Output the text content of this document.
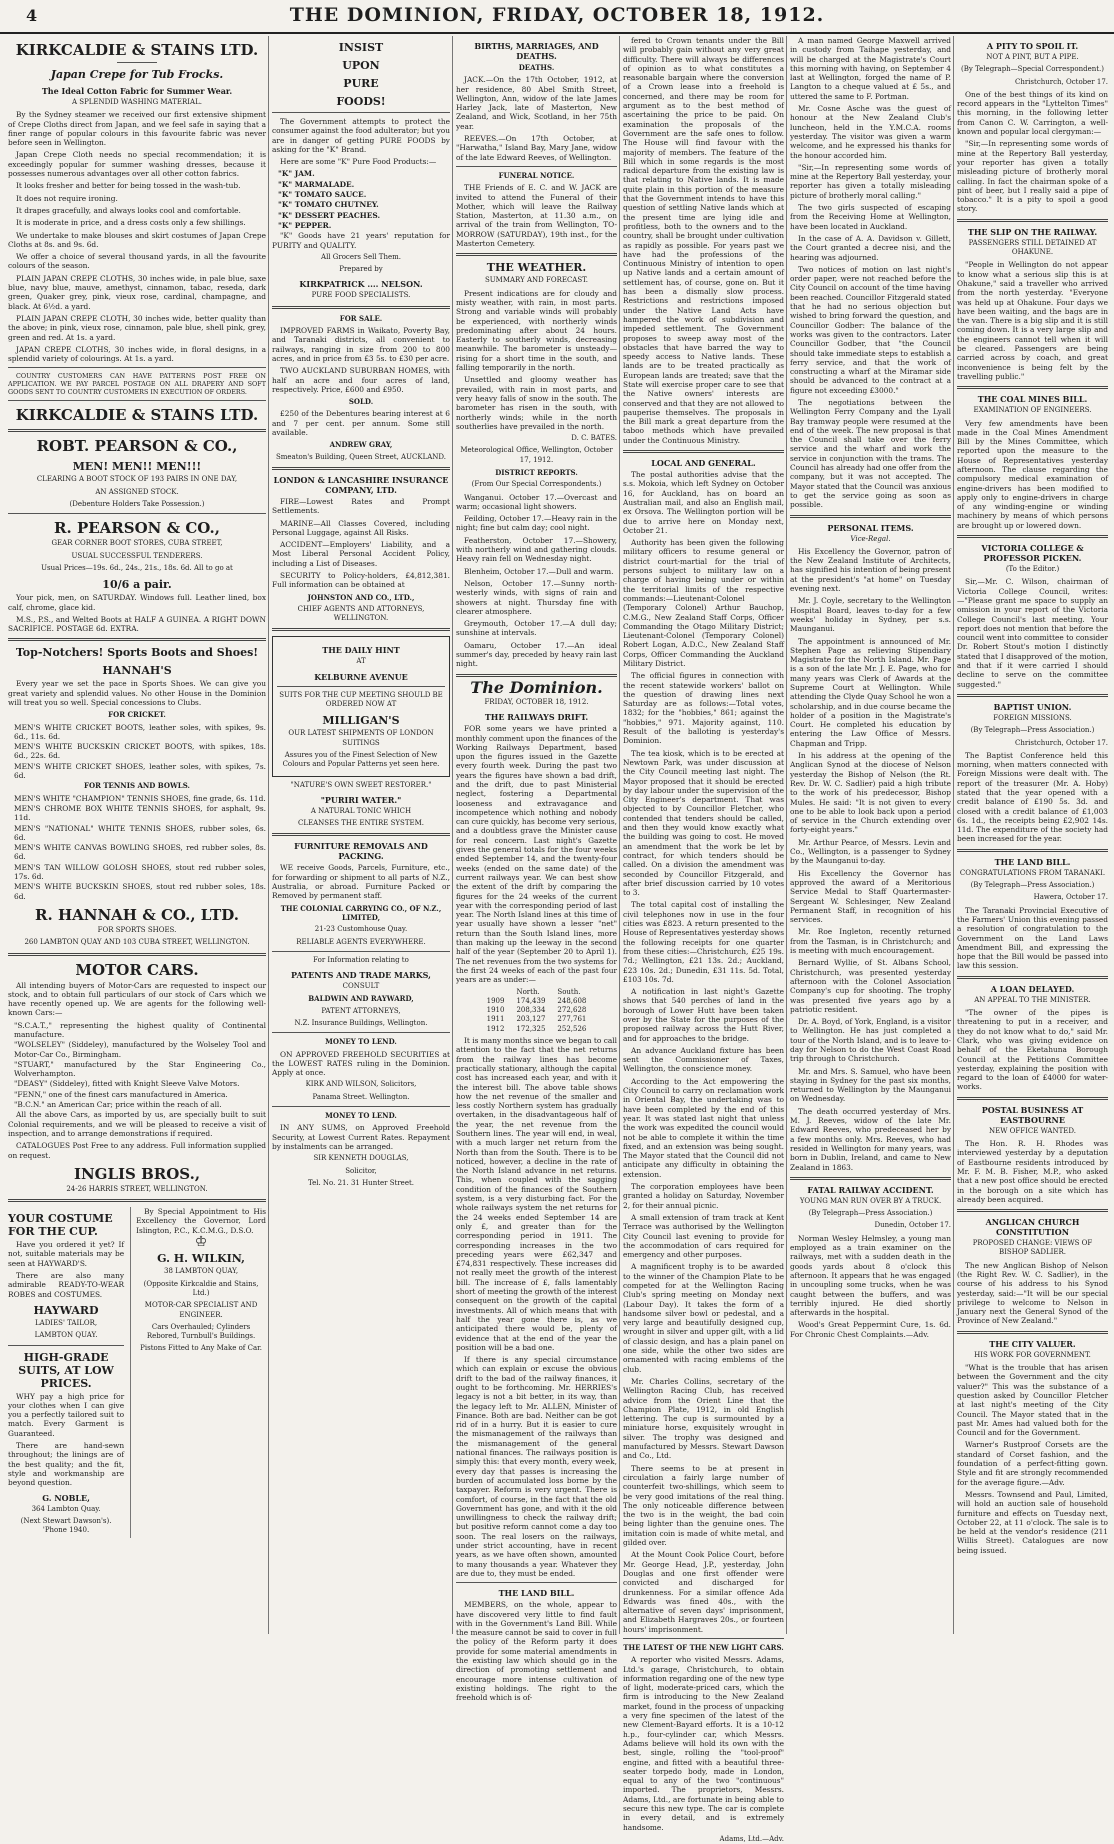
4	THE DOMINION, FRIDAY, OCTOBER 18, 1912.
KIRKCALDIE & STAINS LTD.
Japan Crepe for Tub Frocks.
The Ideal Cotton Fabric for Summer Wear.
A SPLENDID WASHING MATERIAL.

By the Sydney steamer we received our first extensive shipment of Crepe Cloths direct from Japan, and we feel safe in saying that a finer range of popular colours in this favourite fabric was never before seen in Wellington.

Japan Crepe Cloth needs no special recommendation; it is exceedingly popular for summer washing dresses, because it possesses numerous advantages over all other cotton fabrics.

It looks fresher and better for being tossed in the wash-tub.

It does not require ironing.

It drapes gracefully, and always looks cool and comfortable.

It is moderate in price, and a dress costs only a few shillings.

We undertake to make blouses and skirt costumes of Japan Crepe Cloths at 8s. and 9s. 6d.

We offer a choice of several thousand yards, in all the favourite colours of the season.

PLAIN JAPAN CREPE CLOTHS, 30 inches wide, in pale blue, saxe blue, navy blue, mauve, amethyst, cinnamon, tabac, reseda, dark green, Quaker grey, pink, vieux rose, cardinal, champagne, and black. At 6½d. a yard.

PLAIN JAPAN CREPE CLOTH, 30 inches wide, better quality than the above; in pink, vieux rose, cinnamon, pale blue, shell pink, grey, green and red. At 1s. a yard.

JAPAN CREPE CLOTHS, 30 inches wide, in floral designs, in a splendid variety of colourings. At 1s. a yard.

COUNTRY CUSTOMERS CAN HAVE PATTERNS POST FREE ON APPLICATION. WE PAY PARCEL POSTAGE ON ALL DRAPERY AND SOFT GOODS SENT TO COUNTRY CUSTOMERS IN EXECUTION OF ORDERS.

KIRKCALDIE & STAINS LTD.
ROBT. PEARSON & CO.,
MEN! MEN!! MEN!!!
CLEARING A BOOT STOCK OF 193 PAIRS IN ONE DAY,
AN ASSIGNED STOCK.
(Debenture Holders Take Possession.)
R. PEARSON & CO.,
GEAR CORNER BOOT STORES, CUBA STREET,
USUAL SUCCESSFUL TENDERERS.
Usual Prices—19s. 6d., 24s., 21s., 18s. 6d. All to go at
10/6 a pair.

Your pick, men, on SATURDAY. Windows full. Leather lined, box calf, chrome, glace kid.

M.S., P.S., and Welted Boots at HALF A GUINEA. A RIGHT DOWN SACRIFICE. POSTAGE 6d. EXTRA.

Top-Notchers! Sports Boots and Shoes!
HANNAH'S

Every year we set the pace in Sports Shoes. We can give you great variety and splendid values. No other House in the Dominion will treat you so well. Special concessions to Clubs.

FOR CRICKET.
MEN'S WHITE CRICKET BOOTS, leather soles, with spikes, 9s. 6d., 11s. 6d.
MEN'S WHITE BUCKSKIN CRICKET BOOTS, with spikes, 18s. 6d., 22s. 6d.
MEN'S WHITE CRICKET SHOES, leather soles, with spikes, 7s. 6d.
FOR TENNIS AND BOWLS.
MEN'S WHITE "CHAMPION" TENNIS SHOES, fine grade, 6s. 11d.
MEN'S CHROME BOX WHITE TENNIS SHOES, for asphalt, 9s. 11d.
MEN'S "NATIONAL" WHITE TENNIS SHOES, rubber soles, 6s. 6d.
MEN'S WHITE CANVAS BOWLING SHOES, red rubber soles, 8s. 6d.
MEN'S TAN WILLOW GOLOSH SHOES, stout red rubber soles, 17s. 6d.
MEN'S WHITE BUCKSKIN SHOES, stout red rubber soles, 18s. 6d.
R. HANNAH & CO., LTD.
FOR SPORTS SHOES.
260 LAMBTON QUAY AND 103 CUBA STREET, WELLINGTON.
MOTOR CARS.

All intending buyers of Motor-Cars are requested to inspect our stock, and to obtain full particulars of our stock of Cars which we have recently opened up. We are agents for the following well-known Cars:—

"S.C.A.T.," representing the highest quality of Continental manufacture.
"WOLSELEY" (Siddeley), manufactured by the Wolseley Tool and Motor-Car Co., Birmingham.
"STUART," manufactured by the Star Engineering Co., Wolverhampton.
"DEASY" (Siddeley), fitted with Knight Sleeve Valve Motors.
"FENN," one of the finest cars manufactured in America.
"B.C.N." an American Car; price within the reach of all.

All the above Cars, as imported by us, are specially built to suit Colonial requirements, and we will be pleased to receive a visit of inspection, and to arrange demonstrations if required.

CATALOGUES Post Free to any address. Full information supplied on request.

INGLIS BROS.,
24-26 HARRIS STREET, WELLINGTON.
YOUR COSTUME FOR THE CUP.

Have you ordered it yet? If not, suitable materials may be seen at HAYWARD'S.

There are also many admirable READY-TO-WEAR ROBES and COSTUMES.

HAYWARD
LADIES' TAILOR,
LAMBTON QUAY.
HIGH-GRADE SUITS, AT LOW PRICES.

WHY pay a high price for your clothes when I can give you a perfectly tailored suit to match. Every Garment is Guaranteed.

There are hand-sewn throughout; the linings are of the best quality; and the fit, style and workmanship are beyond question.

G. NOBLE,
364 Lambton Quay.
(Next Stewart Dawson's). 'Phone 1940.

By Special Appointment to His Excellency the Governor, Lord Islington, P.C., K.C.M.G., D.S.O.

♔
G. H. WILKIN,
38 LAMBTON QUAY,
(Opposite Kirkcaldie and Stains, Ltd.)
MOTOR-CAR SPECIALIST AND ENGINEER.
Cars Overhauled; Cylinders Rebored, Turnbull's Buildings.
Pistons Fitted to Any Make of Car.
INSIST
UPON
PURE
FOODS!

The Government attempts to protect the consumer against the food adulterator; but you are in danger of getting PURE FOODS by asking for the "K" Brand.

Here are some "K" Pure Food Products:—

"K" JAM.
"K" MARMALADE.
"K" TOMATO SAUCE.
"K" TOMATO CHUTNEY.
"K" DESSERT PEACHES.
"K" PEPPER.

"K" Goods have 21 years' reputation for PURITY and QUALITY.

All Grocers Sell Them.
Prepared by
KIRKPATRICK .... NELSON.
PURE FOOD SPECIALISTS.
FOR SALE.

IMPROVED FARMS in Waikato, Poverty Bay, and Taranaki districts, all convenient to railways, ranging in size from 200 to 800 acres, and in price from £3 5s. to £30 per acre.

TWO AUCKLAND SUBURBAN HOMES, with half an acre and four acres of land, respectively. Price, £600 and £950.

SOLD.

£250 of the Debentures bearing interest at 6 and 7 per cent. per annum. Some still available.

ANDREW GRAY,
Smeaton's Building, Queen Street, AUCKLAND.
LONDON & LANCASHIRE INSURANCE COMPANY, LTD.

FIRE—Lowest Rates and Prompt Settlements.

MARINE—All Classes Covered, including Personal Luggage, against All Risks.

ACCIDENT—Employers' Liability, and a Most Liberal Personal Accident Policy, including a List of Diseases.

SECURITY to Policy-holders, £4,812,381. Full information can be obtained at

JOHNSTON AND CO., LTD.,
CHIEF AGENTS AND ATTORNEYS, WELLINGTON.
THE DAILY HINT
AT
KELBURNE AVENUE
SUITS FOR THE CUP MEETING SHOULD BE ORDERED NOW AT
MILLIGAN'S
OUR LATEST SHIPMENTS OF LONDON SUITINGS
Assures you of the Finest Selection of New Colours and Popular Patterns yet seen here.
"NATURE'S OWN SWEET RESTORER."
"PURIRI WATER."
A NATURAL TONIC WHICH
CLEANSES THE ENTIRE SYSTEM.
FURNITURE REMOVALS AND PACKING.

WE receive Goods, Parcels, Furniture, etc., for forwarding or shipment to all parts of N.Z., Australia, or abroad. Furniture Packed or Removed by permanent staff.

THE COLONIAL CARRYING CO., OF N.Z., LIMITED,
21-23 Customhouse Quay.
RELIABLE AGENTS EVERYWHERE.
For Information relating to
PATENTS AND TRADE MARKS,
CONSULT
BALDWIN AND RAYWARD,
PATENT ATTORNEYS,
N.Z. Insurance Buildings, Wellington.
MONEY TO LEND.

ON APPROVED FREEHOLD SECURITIES at the LOWEST RATES ruling in the Dominion. Apply at once.

KIRK AND WILSON, Solicitors,
Panama Street. Wellington.
MONEY TO LEND.

IN ANY SUMS, on Approved Freehold Security, at Lowest Current Rates. Repayment by instalments can be arranged.

SIR KENNETH DOUGLAS,
Solicitor,
Tel. No. 21. 31 Hunter Street.
BIRTHS, MARRIAGES, AND DEATHS.
DEATHS.

JACK.—On the 17th October, 1912, at her residence, 80 Abel Smith Street, Wellington, Ann, widow of the late James Harley Jack, late of Masterton, New Zealand, and Wick, Scotland, in her 75th year.

REEVES.—On 17th October, at "Harwatha," Island Bay, Mary Jane, widow of the late Edward Reeves, of Wellington.

FUNERAL NOTICE.

THE Friends of E. C. and W. JACK are invited to attend the Funeral of their Mother, which will leave the Railway Station, Masterton, at 11.30 a.m., on arrival of the train from Wellington, TO-MORROW (SATURDAY), 19th inst., for the Masterton Cemetery.

THE WEATHER.
SUMMARY AND FORECAST.

Present indications are for cloudy and misty weather, with rain, in most parts. Strong and variable winds will probably be experienced, with northerly winds predominating after about 24 hours. Easterly to southerly winds, decreasing meanwhile. The barometer is unsteady—rising for a short time in the south, and falling temporarily in the north.

Unsettled and gloomy weather has prevailed, with rain in most parts, and very heavy falls of snow in the south. The barometer has risen in the south, with northerly winds; while in the north southerlies have prevailed in the north.

D. C. BATES.
Meteorological Office, Wellington, October 17, 1912.
DISTRICT REPORTS.
(From Our Special Correspondents.)

Wanganui. October 17.—Overcast and warm; occasional light showers.

Feilding, October 17.—Heavy rain in the night; fine but calm day; cool night.

Featherston, October 17.—Showery, with northerly wind and gathering clouds. Heavy rain fell on Wednesday night.

Blenheim, October 17.—Dull and warm.

Nelson, October 17.—Sunny north-westerly winds, with signs of rain and showers at night. Thursday fine with clearer atmosphere.

Greymouth, October 17.—A dull day; sunshine at intervals.

Oamaru, October 17.—An ideal summer's day, preceded by heavy rain last night.

The Dominion.
FRIDAY, OCTOBER 18, 1912.
THE RAILWAYS DRIFT.

FOR some years we have printed a monthly comment upon the finances of the Working Railways Department, based upon the figures issued in the Gazette every fourth week. During the past two years the figures have shown a bad drift, and the drift, due to past Ministerial neglect, fostering a Departmental looseness and extravagance and incompetence which nothing and nobody can cure quickly, has become very serious, and a doubtless grave the Minister cause for real concern. Last night's Gazette gives the general totals for the four weeks ended September 14, and the twenty-four weeks (ended on the same date) of the current railways year. We can best show the extent of the drift by comparing the figures for the 24 weeks of the current year with the corresponding period of last year. The North Island lines at this time of year usually have shown a lesser "net" return than the South Island lines, more than making up the leeway in the second half of the year (September 20 to April 1). The net revenues from the two systems for the first 24 weeks of each of the past four years are as under:—

	North.	South.
1909	174,439	248,608
1910	208,334	272,628
1911	203,127	277,761
1912	172,325	252,526

It is many months since we began to call attention to the fact that the net returns from the railway lines has become practically stationary, although the capital cost has increased each year, and with it the interest bill. The above table shows how the net revenue of the smaller and less costly Northern system has gradually overtaken, in the disadvantageous half of the year, the net revenue from the Southern lines. The year will end, in weal, with a much larger net return from the North than from the South. There is to be noticed, however, a decline in the rate of the North Island advance in net returns. This, when coupled with the sagging condition of the finances of the Southern system, is a very disturbing fact. For the whole railways system the net returns for the 24 weeks ended September 14 are only £, and greater than for the corresponding period in 1911. The corresponding increases in the two preceding years were £62,347 and £74,831 respectively. These increases did not really meet the growth of the interest bill. The increase of £, falls lamentably short of meeting the growth of the interest consequent on the growth of the capital investments. All of which means that with half the year gone there is, as we anticipated there would be, plenty of evidence that at the end of the year the position will be a bad one.

If there is any special circumstance which can explain or excuse the obvious drift to the bad of the railway finances, it ought to be forthcoming. Mr. HERRIES's legacy is not a bit better, in its way, than the legacy left to Mr. ALLEN, Minister of Finance. Both are bad. Neither can be got rid of in a hurry. But it is easier to cure the mismanagement of the railways than the mismanagement of the general national finances. The railways position is simply this: that every month, every week, every day that passes is increasing the burden of accumulated loss borne by the taxpayer. Reform is very urgent. There is comfort, of course, in the fact that the old Government has gone, and with it the old unwillingness to check the railway drift; but positive reform cannot come a day too soon. The real losers on the railways, under strict accounting, have in recent years, as we have often shown, amounted to many thousands a year. Whatever they are due to, they must be ended.

THE LAND BILL.

MEMBERS, on the whole, appear to have discovered very little to find fault with in the Government's Land Bill. While the measure cannot be said to cover in full the policy of the Reform party it does provide for some material amendments in the existing law which should go in the direction of promoting settlement and encourage more intense cultivation of existing holdings. The right to the freehold which is of-

fered to Crown tenants under the Bill will probably gain without any very great difficulty. There will always be differences of opinion as to what constitutes a reasonable bargain where the conversion of a Crown lease into a freehold is concerned, and there may be room for argument as to the best method of ascertaining the price to be paid. On examination the proposals of the Government are the safe ones to follow. The House will find favour with the majority of members. The feature of the Bill which in some regards is the most radical departure from the existing law is that relating to Native lands. It is made quite plain in this portion of the measure that the Government intends to have this question of settling Native lands which at the present time are lying idle and profitless, both to the owners and to the country, shall be brought under cultivation as rapidly as possible. For years past we have had the professions of the Continuous Ministry of intention to open up Native lands and a certain amount of settlement has, of course, gone on. But it has been a dismally slow process. Restrictions and restrictions imposed under the Native Land Acts have hampered the work of subdivision and impeded settlement. The Government proposes to sweep away most of the obstacles that have barred the way to speedy access to Native lands. These lands are to be treated practically as European lands are treated; save that the State will exercise proper care to see that the Native owners' interests are conserved and that they are not allowed to pauperise themselves. The proposals in the Bill mark a great departure from the taboo methods which have prevailed under the Continuous Ministry.

LOCAL AND GENERAL.

The postal authorities advise that the s.s. Mokoia, which left Sydney on October 16, for Auckland, has on board an Australian mail, and also an English mail, ex Orsova. The Wellington portion will be due to arrive here on Monday next, October 21.

Authority has been given the following military officers to resume general or district court-martial for the trial of persons subject to military law on a charge of having being under or within the territorial limits of the respective commands:—Lieutenant-Colonel (Temporary Colonel) Arthur Bauchop, C.M.G., New Zealand Staff Corps, Officer Commanding the Otago Military District; Lieutenant-Colonel (Temporary Colonel) Robert Logan, A.D.C., New Zealand Staff Corps, Officer Commanding the Auckland Military District.

The official figures in connection with the recent statewide workers' ballot on the question of drawing lines next Saturday are as follows:—Total votes, 1832; for the "hobbies," 861; against the "hobbies," 971. Majority against, 110. Result of the balloting is yesterday's Dominion.

The tea kiosk, which is to be erected at Newtown Park, was under discussion at the City Council meeting last night. The Mayor proposed that it should be erected by day labour under the supervision of the City Engineer's department. That was objected to by Councillor Fletcher, who contended that tenders should be called, and then they would know exactly what the building was going to cost. He moved an amendment that the work be let by contract, for which tenders should be called. On a division the amendment was seconded by Councillor Fitzgerald, and after brief discussion carried by 10 votes to 3.

The total capital cost of installing the civil telephones now in use in the four cities was £823. A return presented to the House of Representatives yesterday shows the following receipts for one quarter from these cities:—Christchurch, £25 19s. 7d.; Wellington, £21 13s. 2d.; Auckland, £23 10s. 2d.; Dunedin, £31 11s. 5d. Total, £103 10s. 7d.

A notification in last night's Gazette shows that 540 perches of land in the borough of Lower Hutt have been taken over by the State for the purposes of the proposed railway across the Hutt River, and for approaches to the bridge.

An advance Auckland fixture has been sent the Commissioner of Taxes, Wellington, the conscience money.

According to the Act empowering the City Council to carry on reclamation work in Oriental Bay, the undertaking was to have been completed by the end of this year. It was stated last night that unless the work was expedited the council would not be able to complete it within the time fixed, and an extension was being sought. The Mayor stated that the Council did not anticipate any difficulty in obtaining the extension.

The corporation employees have been granted a holiday on Saturday, November 2, for their annual picnic.

A small extension of tram track at Kent Terrace was authorised by the Wellington City Council last evening to provide for the accommodation of cars required for emergency and other purposes.

A magnificent trophy is to be awarded to the winner of the Champion Plate to be competed for at the Wellington Racing Club's spring meeting on Monday next (Labour Day). It takes the form of a handsome silver bowl or pedestal, and a very large and beautifully designed cup, wrought in silver and upper gilt, with a lid of classic design, and has a plain panel on one side, while the other two sides are ornamented with racing emblems of the club.

Mr. Charles Collins, secretary of the Wellington Racing Club, has received advice from the Orient Line that the Champion Plate, 1912, in old English lettering. The cup is surmounted by a miniature horse, exquisitely wrought in silver. The trophy was designed and manufactured by Messrs. Stewart Dawson and Co., Ltd.

There seems to be at present in circulation a fairly large number of counterfeit two-shillings, which seem to be very good imitations of the real thing. The only noticeable difference between the two is in the weight, the bad coin being lighter than the genuine ones. The imitation coin is made of white metal, and gilded over.

At the Mount Cook Police Court, before Mr. George Head, J.P., yesterday, John Douglas and one first offender were convicted and discharged for drunkenness. For a similar offence Ada Edwards was fined 40s., with the alternative of seven days' imprisonment, and Elizabeth Hargraves 20s., or fourteen hours' imprisonment.

THE LATEST OF THE NEW LIGHT CARS.

A reporter who visited Messrs. Adams, Ltd.'s garage, Christchurch, to obtain information regarding one of the new type of light, moderate-priced cars, which the firm is introducing to the New Zealand market, found in the process of unpacking a very fine specimen of the latest of the new Clement-Bayard efforts. It is a 10-12 h.p., four-cylinder car, which Messrs. Adams believe will hold its own with the best, single, rolling the "tool-proof" engine, and fitted with a beautiful three-seater torpedo body, made in London, equal to any of the two "continuous" imported. The proprietors, Messrs. Adams, Ltd., are fortunate in being able to secure this new type. The car is complete in every detail, and is extremely handsome.

Adams, Ltd.—Adv.

A man named George Maxwell arrived in custody from Taihape yesterday, and will be charged at the Magistrate's Court this morning with having, on September 4 last at Wellington, forged the name of P. Langton to a cheque valued at £ 5s., and uttered the same to F. Portman.

Mr. Cosne Asche was the guest of honour at the New Zealand Club's luncheon, held in the Y.M.C.A. rooms yesterday. The visitor was given a warm welcome, and he expressed his thanks for the honour accorded him.

"Sir,—In representing some words of mine at the Repertory Ball yesterday, your reporter has given a totally misleading picture of brotherly moral calling."

The two girls suspected of escaping from the Receiving Home at Wellington, have been located in Auckland.

In the case of A. A. Davidson v. Gillett, the Court granted a decree nisi, and the hearing was adjourned.

Two notices of motion on last night's order paper, were not reached before the City Council on account of the time having been reached. Councillor Fitzgerald stated that he had no serious objection but wished to bring forward the question, and Councillor Godber: The balance of the works was given to the contractors. Later Councillor Godber, that "the Council should take immediate steps to establish a ferry service, and that the work of constructing a wharf at the Miramar side should be advanced to the contract at a figure not exceeding £3000."

The negotiations between the Wellington Ferry Company and the Lyall Bay tramway people were resumed at the end of the week. The new proposal is that the Council shall take over the ferry service and the wharf and work the service in conjunction with the trams. The Council has already had one offer from the company, but it was not accepted. The Mayor stated that the Council was anxious to get the service going as soon as possible.

PERSONAL ITEMS.
Vice-Regal.

His Excellency the Governor, patron of the New Zealand Institute of Architects, has signified his intention of being present at the president's "at home" on Tuesday evening next.

Mr. J. Coyle, secretary to the Wellington Hospital Board, leaves to-day for a few weeks' holiday in Sydney, per s.s. Maunganui.

The appointment is announced of Mr. Stephen Page as relieving Stipendiary Magistrate for the North Island. Mr. Page is a son of the late Mr. J. E. Page, who for many years was Clerk of Awards at the Supreme Court at Wellington. While attending the Clyde Quay School he won a scholarship, and in due course became the holder of a position in the Magistrate's Court. He completed his education by entering the Law Office of Messrs. Chapman and Tripp.

In his address at the opening of the Anglican Synod at the diocese of Nelson yesterday the Bishop of Nelson (the Rt. Rev. Dr. W. C. Sadlier) paid a high tribute to the work of his predecessor, Bishop Mules. He said: "It is not given to every one to be able to look back upon a period of service in the Church extending over forty-eight years."

Mr. Arthur Pearce, of Messrs. Levin and Co., Wellington, is a passenger to Sydney by the Maunganui to-day.

His Excellency the Governor has approved the award of a Meritorious Service Medal to Staff Quartermaster-Sergeant W. Schlesinger, New Zealand Permanent Staff, in recognition of his services.

Mr. Roe Ingleton, recently returned from the Tasman, is in Christchurch; and is meeting with much encouragement.

Bernard Wyllie, of St. Albans School, Christchurch, was presented yesterday afternoon with the Colonel Association Company's cup for shooting. The trophy was presented five years ago by a patriotic resident.

Dr. A. Boyd, of York, England, is a visitor to Wellington. He has just completed a tour of the North Island, and is to leave to-day for Nelson to do the West Coast Road trip through to Christchurch.

Mr. and Mrs. S. Samuel, who have been staying in Sydney for the past six months, returned to Wellington by the Maunganui on Wednesday.

The death occurred yesterday of Mrs. M. J. Reeves, widow of the late Mr. Edward Reeves, who predeceased her by a few months only. Mrs. Reeves, who had resided in Wellington for many years, was born in Dublin, Ireland, and came to New Zealand in 1863.

FATAL RAILWAY ACCIDENT.
YOUNG MAN RUN OVER BY A TRUCK.
(By Telegraph—Press Association.)
Dunedin, October 17.

Norman Wesley Helmsley, a young man employed as a train examiner on the railways, met with a sudden death in the goods yards about 8 o'clock this afternoon. It appears that he was engaged in uncoupling some trucks, when he was caught between the buffers, and was terribly injured. He died shortly afterwards in the hospital.

Wood's Great Peppermint Cure, 1s. 6d. For Chronic Chest Complaints.—Adv.

A PITY TO SPOIL IT.
NOT A PINT, BUT A PIPE.
(By Telegraph—Special Correspondent.)
Christchurch, October 17.

One of the best things of its kind on record appears in the "Lyttelton Times" this morning, in the following letter from Canon C. W. Carrington, a well-known and popular local clergyman:—

"Sir,—In representing some words of mine at the Repertory Ball yesterday, your reporter has given a totally misleading picture of brotherly moral calling. In fact the chairman spoke of a pint of beer, but I really said a pipe of tobacco." It is a pity to spoil a good story.

THE SLIP ON THE RAILWAY.
PASSENGERS STILL DETAINED AT OHAKUNE.

"People in Wellington do not appear to know what a serious slip this is at Ohakune," said a traveller who arrived from the north yesterday. "Everyone was held up at Ohakune. Four days we have been waiting, and the bags are in the van. There is a big slip and it is still coming down. It is a very large slip and the engineers cannot tell when it will be cleared. Passengers are being carried across by coach, and great inconvenience is being felt by the travelling public."

THE COAL MINES BILL.
EXAMINATION OF ENGINEERS.

Very few amendments have been made in the Coal Mines Amendment Bill by the Mines Committee, which reported upon the measure to the House of Representatives yesterday afternoon. The clause regarding the compulsory medical examination of engine-drivers has been modified to apply only to engine-drivers in charge of any winding-engine or winding machinery by means of which persons are brought up or lowered down.

VICTORIA COLLEGE & PROFESSOR PICKEN.
(To the Editor.)

Sir,—Mr. C. Wilson, chairman of Victoria College Council, writes:—"Please grant me space to supply an omission in your report of the Victoria College Council's last meeting. Your report does not mention that before the council went into committee to consider Dr. Robert Stout's motion I distinctly stated that I disapproved of the motion, and that if it were carried I should decline to serve on the committee suggested."

BAPTIST UNION.
FOREIGN MISSIONS.
(By Telegraph—Press Association.)
Christchurch, October 17.

The Baptist Conference held this morning, when matters connected with Foreign Missions were dealt with. The report of the treasurer (Mr. A. Hoby) stated that the year opened with a credit balance of £190 5s. 3d. and closed with a credit balance of £1,003 6s. 1d., the receipts being £2,902 14s. 11d. The expenditure of the society had been increased for the year.

THE LAND BILL.
CONGRATULATIONS FROM TARANAKI.
(By Telegraph—Press Association.)
Hawera, October 17.

The Taranaki Provincial Executive of the Farmers' Union this evening passed a resolution of congratulation to the Government on the Land Laws Amendment Bill, and expressing the hope that the Bill would be passed into law this session.

A LOAN DELAYED.
AN APPEAL TO THE MINISTER.

"The owner of the pipes is threatening to put in a receiver, and they do not know what to do," said Mr. Clark, who was giving evidence on behalf of the Eketahuna Borough Council at the Petitions Committee yesterday, explaining the position with regard to the loan of £4000 for water-works.

POSTAL BUSINESS AT EASTBOURNE
NEW OFFICE WANTED.

The Hon. R. H. Rhodes was interviewed yesterday by a deputation of Eastbourne residents introduced by Mr. F. M. B. Fisher, M.P., who asked that a new post office should be erected in the borough on a site which has already been acquired.

ANGLICAN CHURCH CONSTITUTION
PROPOSED CHANGE: VIEWS OF BISHOP SADLIER.

The new Anglican Bishop of Nelson (the Right Rev. W. C. Sadlier), in the course of his address to his Synod yesterday, said:—"It will be our special privilege to welcome to Nelson in January next the General Synod of the Province of New Zealand."

THE CITY VALUER.
HIS WORK FOR GOVERNMENT.

"What is the trouble that has arisen between the Government and the city valuer?" This was the substance of a question asked by Councillor Fletcher at last night's meeting of the City Council. The Mayor stated that in the past Mr. Ames had valued both for the Council and for the Government.

Warner's Rustproof Corsets are the standard of Corset fashion, and the foundation of a perfect-fitting gown. Style and fit are strongly recommended for the average figure.—Adv.

Messrs. Townsend and Paul, Limited, will hold an auction sale of household furniture and effects on Tuesday next, October 22, at 11 o'clock. The sale is to be held at the vendor's residence (211 Willis Street). Catalogues are now being issued.
